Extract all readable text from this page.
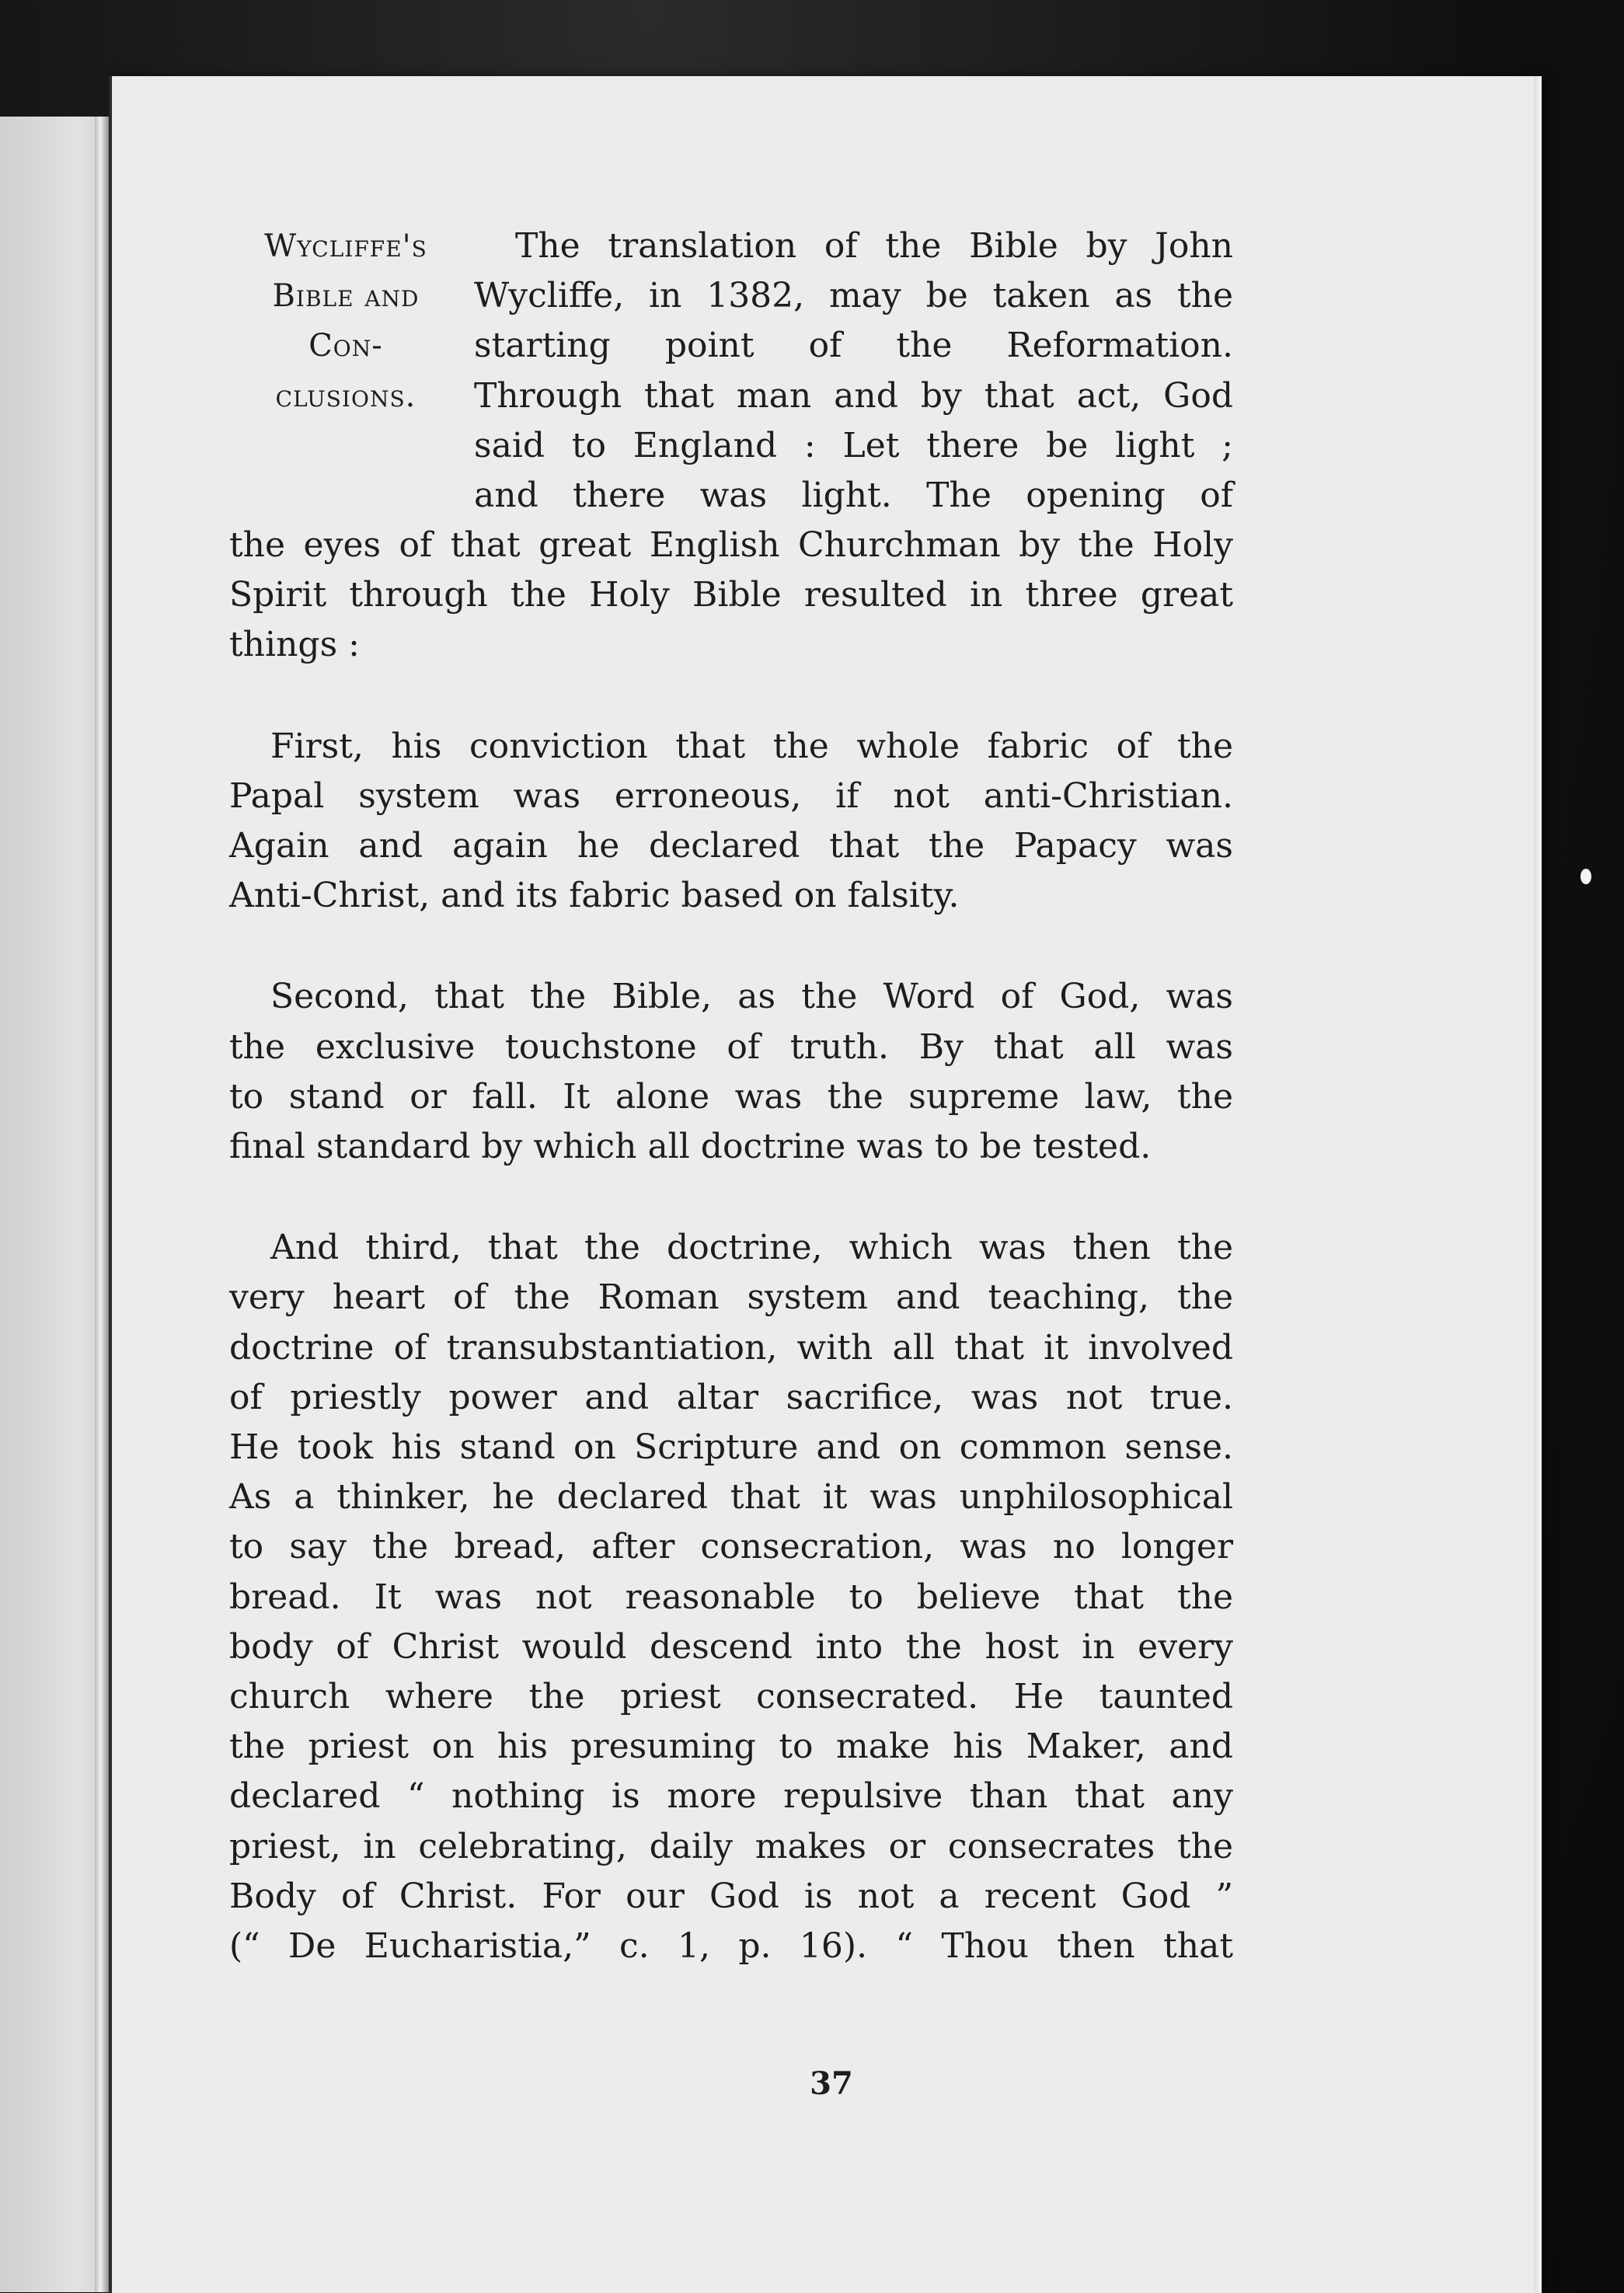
Wycliffe's
Bible and
Con-
clusions.
The translation of the Bible by John
Wycliffe, in 1382, may be taken as the
starting point of the Reformation.
Through that man and by that act, God
said to England : Let there be light ;
and there was light. The opening of
the eyes of that great English Churchman by the Holy
Spirit through the Holy Bible resulted in three great
things :
First, his conviction that the whole fabric of the
Papal system was erroneous, if not anti-Christian.
Again and again he declared that the Papacy was
Anti-Christ, and its fabric based on falsity.
Second, that the Bible, as the Word of God, was
the exclusive touchstone of truth. By that all was
to stand or fall. It alone was the supreme law, the
final standard by which all doctrine was to be tested.
And third, that the doctrine, which was then the
very heart of the Roman system and teaching, the
doctrine of transubstantiation, with all that it involved
of priestly power and altar sacrifice, was not true.
He took his stand on Scripture and on common sense.
As a thinker, he declared that it was unphilosophical
to say the bread, after consecration, was no longer
bread. It was not reasonable to believe that the
body of Christ would descend into the host in every
church where the priest consecrated. He taunted
the priest on his presuming to make his Maker, and
declared “ nothing is more repulsive than that any
priest, in celebrating, daily makes or consecrates the
Body of Christ. For our God is not a recent God ”
(“ De Eucharistia,” c. 1, p. 16). “ Thou then that
37
